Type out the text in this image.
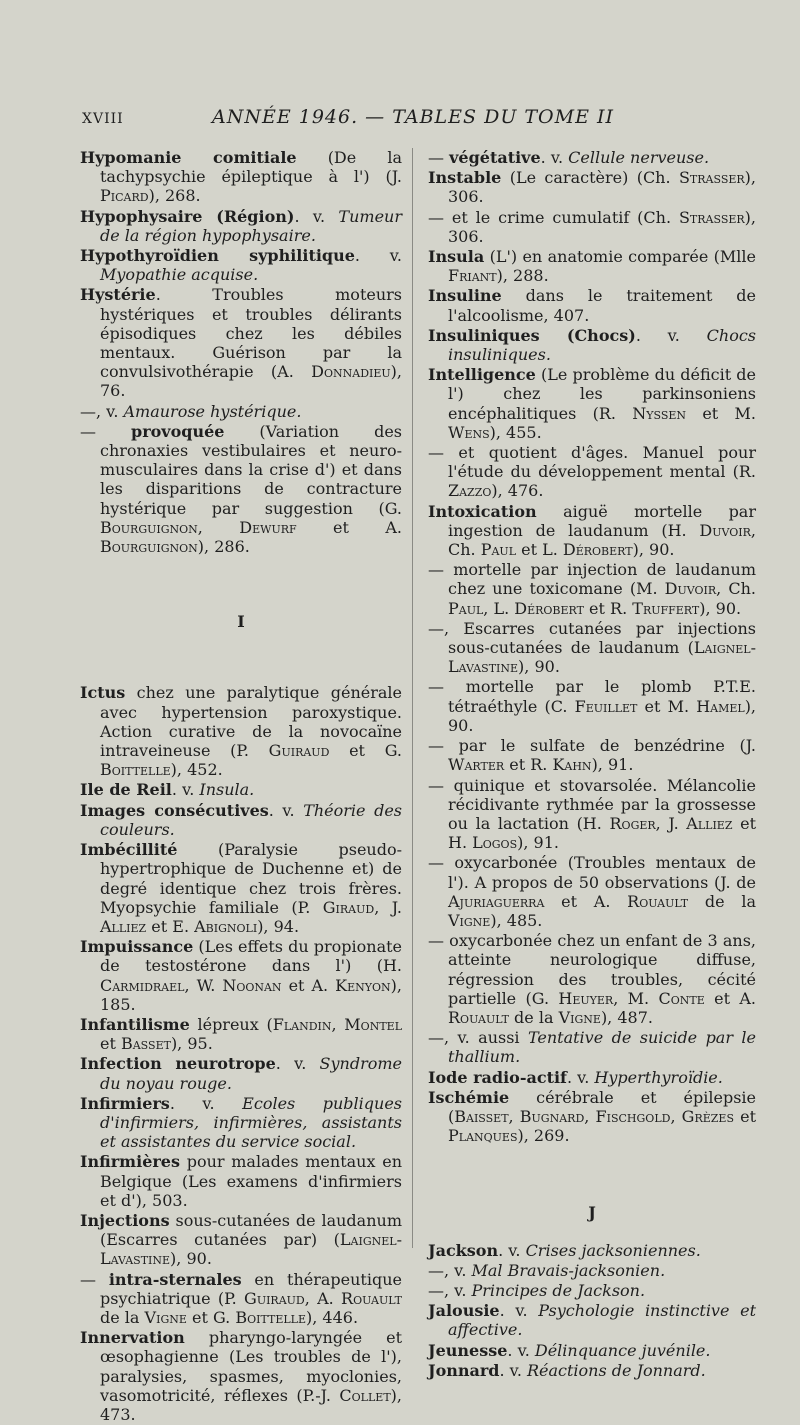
XVIII	ANNÉE 1946. — TABLES DU TOME II
Hypomanie comitiale (De la tachypsychie épileptique à l') (J. Picard), 268.
Hypophysaire (Région). v. Tumeur de la région hypophysaire.
Hypothyroïdien syphilitique. v. Myopathie acquise.
Hystérie. Troubles moteurs hystériques et troubles délirants épisodiques chez les débiles mentaux. Guérison par la convulsivothérapie (A. Donnadieu), 76.
—, v. Amaurose hystérique.
— provoquée (Variation des chronaxies vestibulaires et neuro-musculaires dans la crise d') et dans les disparitions de contracture hystérique par suggestion (G. Bourguignon, Dewurf et A. Bourguignon), 286.
I
Ictus chez une paralytique générale avec hypertension paroxystique. Action curative de la novocaïne intraveineuse (P. Guiraud et G. Boittelle), 452.
Ile de Reil. v. Insula.
Images consécutives. v. Théorie des couleurs.
Imbécillité (Paralysie pseudo-hypertrophique de Duchenne et) de degré identique chez trois frères. Myopsychie familiale (P. Giraud, J. Alliez et E. Abignoli), 94.
Impuissance (Les effets du propionate de testostérone dans l') (H. Carmidrael, W. Noonan et A. Kenyon), 185.
Infantilisme lépreux (Flandin, Montel et Basset), 95.
Infection neurotrope. v. Syndrome du noyau rouge.
Infirmiers. v. Ecoles publiques d'infirmiers, infirmières, assistants et assistantes du service social.
Infirmières pour malades mentaux en Belgique (Les examens d'infirmiers et d'), 503.
Injections sous-cutanées de laudanum (Escarres cutanées par) (Laignel-Lavastine), 90.
— intra-sternales en thérapeutique psychiatrique (P. Guiraud, A. Rouault de la Vigne et G. Boittelle), 446.
Innervation pharyngo-laryngée et œsophagienne (Les troubles de l'), paralysies, spasmes, myoclonies, vasomotricité, réflexes (P.-J. Collet), 473.
— végétative. v. Cellule nerveuse.
Instable (Le caractère) (Ch. Strasser), 306.
— et le crime cumulatif (Ch. Strasser), 306.
Insula (L') en anatomie comparée (Mlle Friant), 288.
Insuline dans le traitement de l'alcoolisme, 407.
Insuliniques (Chocs). v. Chocs insuliniques.
Intelligence (Le problème du déficit de l') chez les parkinsoniens encéphalitiques (R. Nyssen et M. Wens), 455.
— et quotient d'âges. Manuel pour l'étude du développement mental (R. Zazzo), 476.
Intoxication aiguë mortelle par ingestion de laudanum (H. Duvoir, Ch. Paul et L. Dérobert), 90.
— mortelle par injection de laudanum chez une toxicomane (M. Duvoir, Ch. Paul, L. Dérobert et R. Truffert), 90.
—, Escarres cutanées par injections sous-cutanées de laudanum (Laignel-Lavastine), 90.
— mortelle par le plomb P.T.E. tétraéthyle (C. Feuillet et M. Hamel), 90.
— par le sulfate de benzédrine (J. Warter et R. Kahn), 91.
— quinique et stovarsolée. Mélancolie récidivante rythmée par la grossesse ou la lactation (H. Roger, J. Alliez et H. Logos), 91.
— oxycarbonée (Troubles mentaux de l'). A propos de 50 observations (J. de Ajuriaguerra et A. Rouault de la Vigne), 485.
— oxycarbonée chez un enfant de 3 ans, atteinte neurologique diffuse, régression des troubles, cécité partielle (G. Heuyer, M. Conte et A. Rouault de la Vigne), 487.
—, v. aussi Tentative de suicide par le thallium.
Iode radio-actif. v. Hyperthyroïdie.
Ischémie cérébrale et épilepsie (Baisset, Bugnard, Fischgold, Grèzes et Planques), 269.
J
Jackson. v. Crises jacksoniennes.
—, v. Mal Bravais-jacksonien.
—, v. Principes de Jackson.
Jalousie. v. Psychologie instinctive et affective.
Jeunesse. v. Délinquance juvénile.
Jonnard. v. Réactions de Jonnard.
